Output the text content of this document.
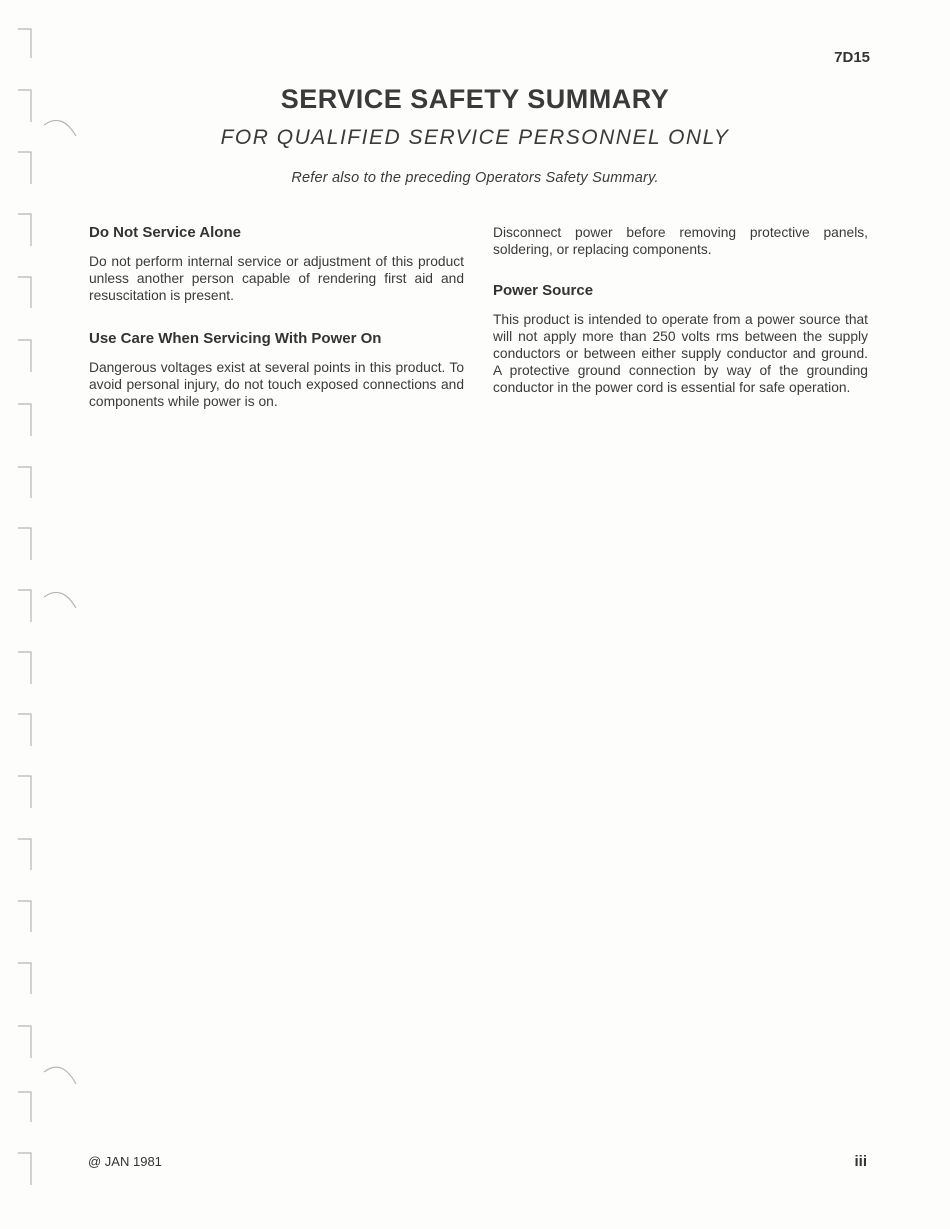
7D15
SERVICE SAFETY SUMMARY
FOR QUALIFIED SERVICE PERSONNEL ONLY
Refer also to the preceding Operators Safety Summary.
Do Not Service Alone

Do not perform internal service or adjustment of this product unless another person capable of rendering first aid and resuscitation is present.

Use Care When Servicing With Power On

Dangerous voltages exist at several points in this product. To avoid personal injury, do not touch exposed connections and components while power is on.

Disconnect power before removing protective panels, soldering, or replacing components.

Power Source

This product is intended to operate from a power source that will not apply more than 250 volts rms between the supply conductors or between either supply conductor and ground. A protective ground connection by way of the grounding conductor in the power cord is essential for safe operation.

@ JAN 1981	iii
